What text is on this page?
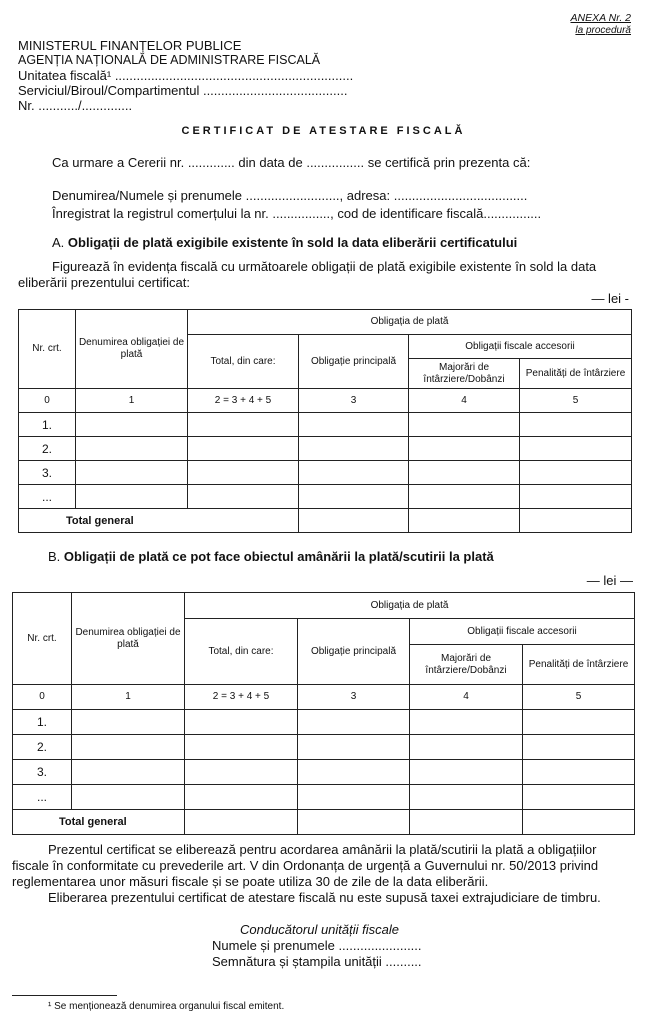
ANEXA Nr. 2
la procedură
MINISTERUL FINANȚELOR PUBLICE
AGENȚIA NAȚIONALĂ DE ADMINISTRARE FISCALĂ
Unitatea fiscală¹ ..................................................................
Serviciul/Biroul/Compartimentul ........................................
Nr. .........../..............
CERTIFICAT DE ATESTARE FISCALĂ
Ca urmare a Cererii nr. ............. din data de ................ se certifică prin prezenta că:
Denumirea/Numele și prenumele .........................., adresa: .....................................
Înregistrat la registrul comerțului la nr. ................, cod de identificare fiscală................
A. Obligații de plată exigibile existente în sold la data eliberării certificatului
Figurează în evidența fiscală cu următoarele obligații de plată exigibile existente în sold la data
eliberării prezentului certificat:
— lei -
Nr. crt.	Denumirea obligației de plată	Obligația de plată			
		Total, din care:	Obligație principală	Obligații fiscale accesorii	
				Majorări de întârziere/Dobânzi	Penalități de întârziere
0	1	2 = 3 + 4 + 5	3	4	5
1.					
2.					
3.					
...					
Total general					
B. Obligații de plată ce pot face obiectul amânării la plată/scutirii la plată
— lei —
Nr. crt.	Denumirea obligației de plată	Obligația de plată			
		Total, din care:	Obligație principală	Obligații fiscale accesorii	
				Majorări de întârziere/Dobânzi	Penalități de întârziere
0	1	2 = 3 + 4 + 5	3	4	5
1.					
2.					
3.					
...					
Total general					
Prezentul certificat se eliberează pentru acordarea amânării la plată/scutirii la plată a obligațiilor
fiscale în conformitate cu prevederile art. V din Ordonanța de urgență a Guvernului nr. 50/2013 privind
reglementarea unor măsuri fiscale și se poate utiliza 30 de zile de la data eliberării.
Eliberarea prezentului certificat de atestare fiscală nu este supusă taxei extrajudiciare de timbru.
Conducătorul unității fiscale
Numele și prenumele .......................
Semnătura și ștampila unității ..........
¹ Se menționează denumirea organului fiscal emitent.
